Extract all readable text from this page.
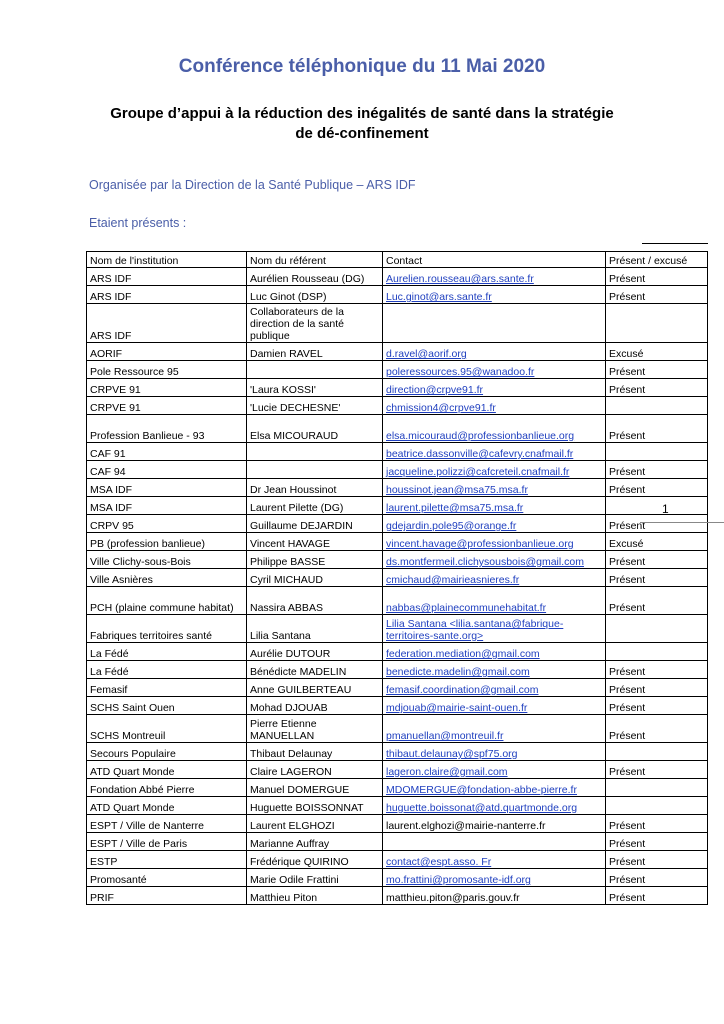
Conférence téléphonique du 11 Mai 2020
Groupe d’appui à la réduction des inégalités de santé dans la stratégie de dé-confinement
Organisée par la Direction de la Santé Publique – ARS IDF
Etaient présents :
Nom de l'institution	Nom du référent	Contact	Présent / excusé
ARS IDF	Aurélien Rousseau (DG)	Aurelien.rousseau@ars.sante.fr	Présent
ARS IDF	Luc Ginot (DSP)	Luc.ginot@ars.sante.fr	Présent
ARS IDF	Collaborateurs de la direction de la santé publique		
AORIF	Damien RAVEL	d.ravel@aorif.org	Excusé
Pole Ressource 95		poleressources.95@wanadoo.fr	Présent
CRPVE 91	'Laura KOSSI'	direction@crpve91.fr	Présent
CRPVE 91	'Lucie DECHESNE'	chmission4@crpve91.fr	
Profession Banlieue - 93	Elsa MICOURAUD	elsa.micouraud@professionbanlieue.org	Présent
CAF 91		beatrice.dassonville@cafevry.cnafmail.fr	
CAF 94		jacqueline.polizzi@cafcreteil.cnafmail.fr	Présent
MSA IDF	Dr Jean Houssinot	houssinot.jean@msa75.msa.fr	Présent
MSA IDF	Laurent Pilette (DG)	laurent.pilette@msa75.msa.fr	
CRPV 95	Guillaume DEJARDIN	gdejardin.pole95@orange.fr	Présent
PB (profession banlieue)	Vincent HAVAGE	vincent.havage@professionbanlieue.org	Excusé
Ville Clichy-sous-Bois	Philippe BASSE	ds.montfermeil.clichysousbois@gmail.com	Présent
Ville Asnières	Cyril MICHAUD	cmichaud@mairieasnieres.fr	Présent
PCH (plaine commune habitat)	Nassira ABBAS	nabbas@plainecommunehabitat.fr	Présent
Fabriques territoires santé	Lilia Santana	Lilia Santana <lilia.santana@fabrique-territoires-sante.org>	
La Fédé	Aurélie DUTOUR	federation.mediation@gmail.com	
La Fédé	Bénédicte MADELIN	benedicte.madelin@gmail.com	Présent
Femasif	Anne GUILBERTEAU	femasif.coordination@gmail.com	Présent
SCHS Saint Ouen	Mohad DJOUAB	mdjouab@mairie-saint-ouen.fr	Présent
SCHS Montreuil	Pierre Etienne MANUELLAN	pmanuellan@montreuil.fr	Présent
Secours Populaire	Thibaut Delaunay	thibaut.delaunay@spf75.org	
ATD Quart Monde	Claire LAGERON	lageron.claire@gmail.com	Présent
Fondation Abbé Pierre	Manuel DOMERGUE	MDOMERGUE@fondation-abbe-pierre.fr	
ATD Quart Monde	Huguette BOISSONNAT	huguette.boissonat@atd.quartmonde.org	
ESPT / Ville de Nanterre	Laurent ELGHOZI	laurent.elghozi@mairie-nanterre.fr	Présent
ESPT / Ville de Paris	Marianne Auffray		Présent
ESTP	Frédérique QUIRINO	contact@espt.asso. Fr	Présent
Promosanté	Marie Odile Frattini	mo.frattini@promosante-idf.org	Présent
PRIF	Matthieu Piton	matthieu.piton@paris.gouv.fr	Présent
1
